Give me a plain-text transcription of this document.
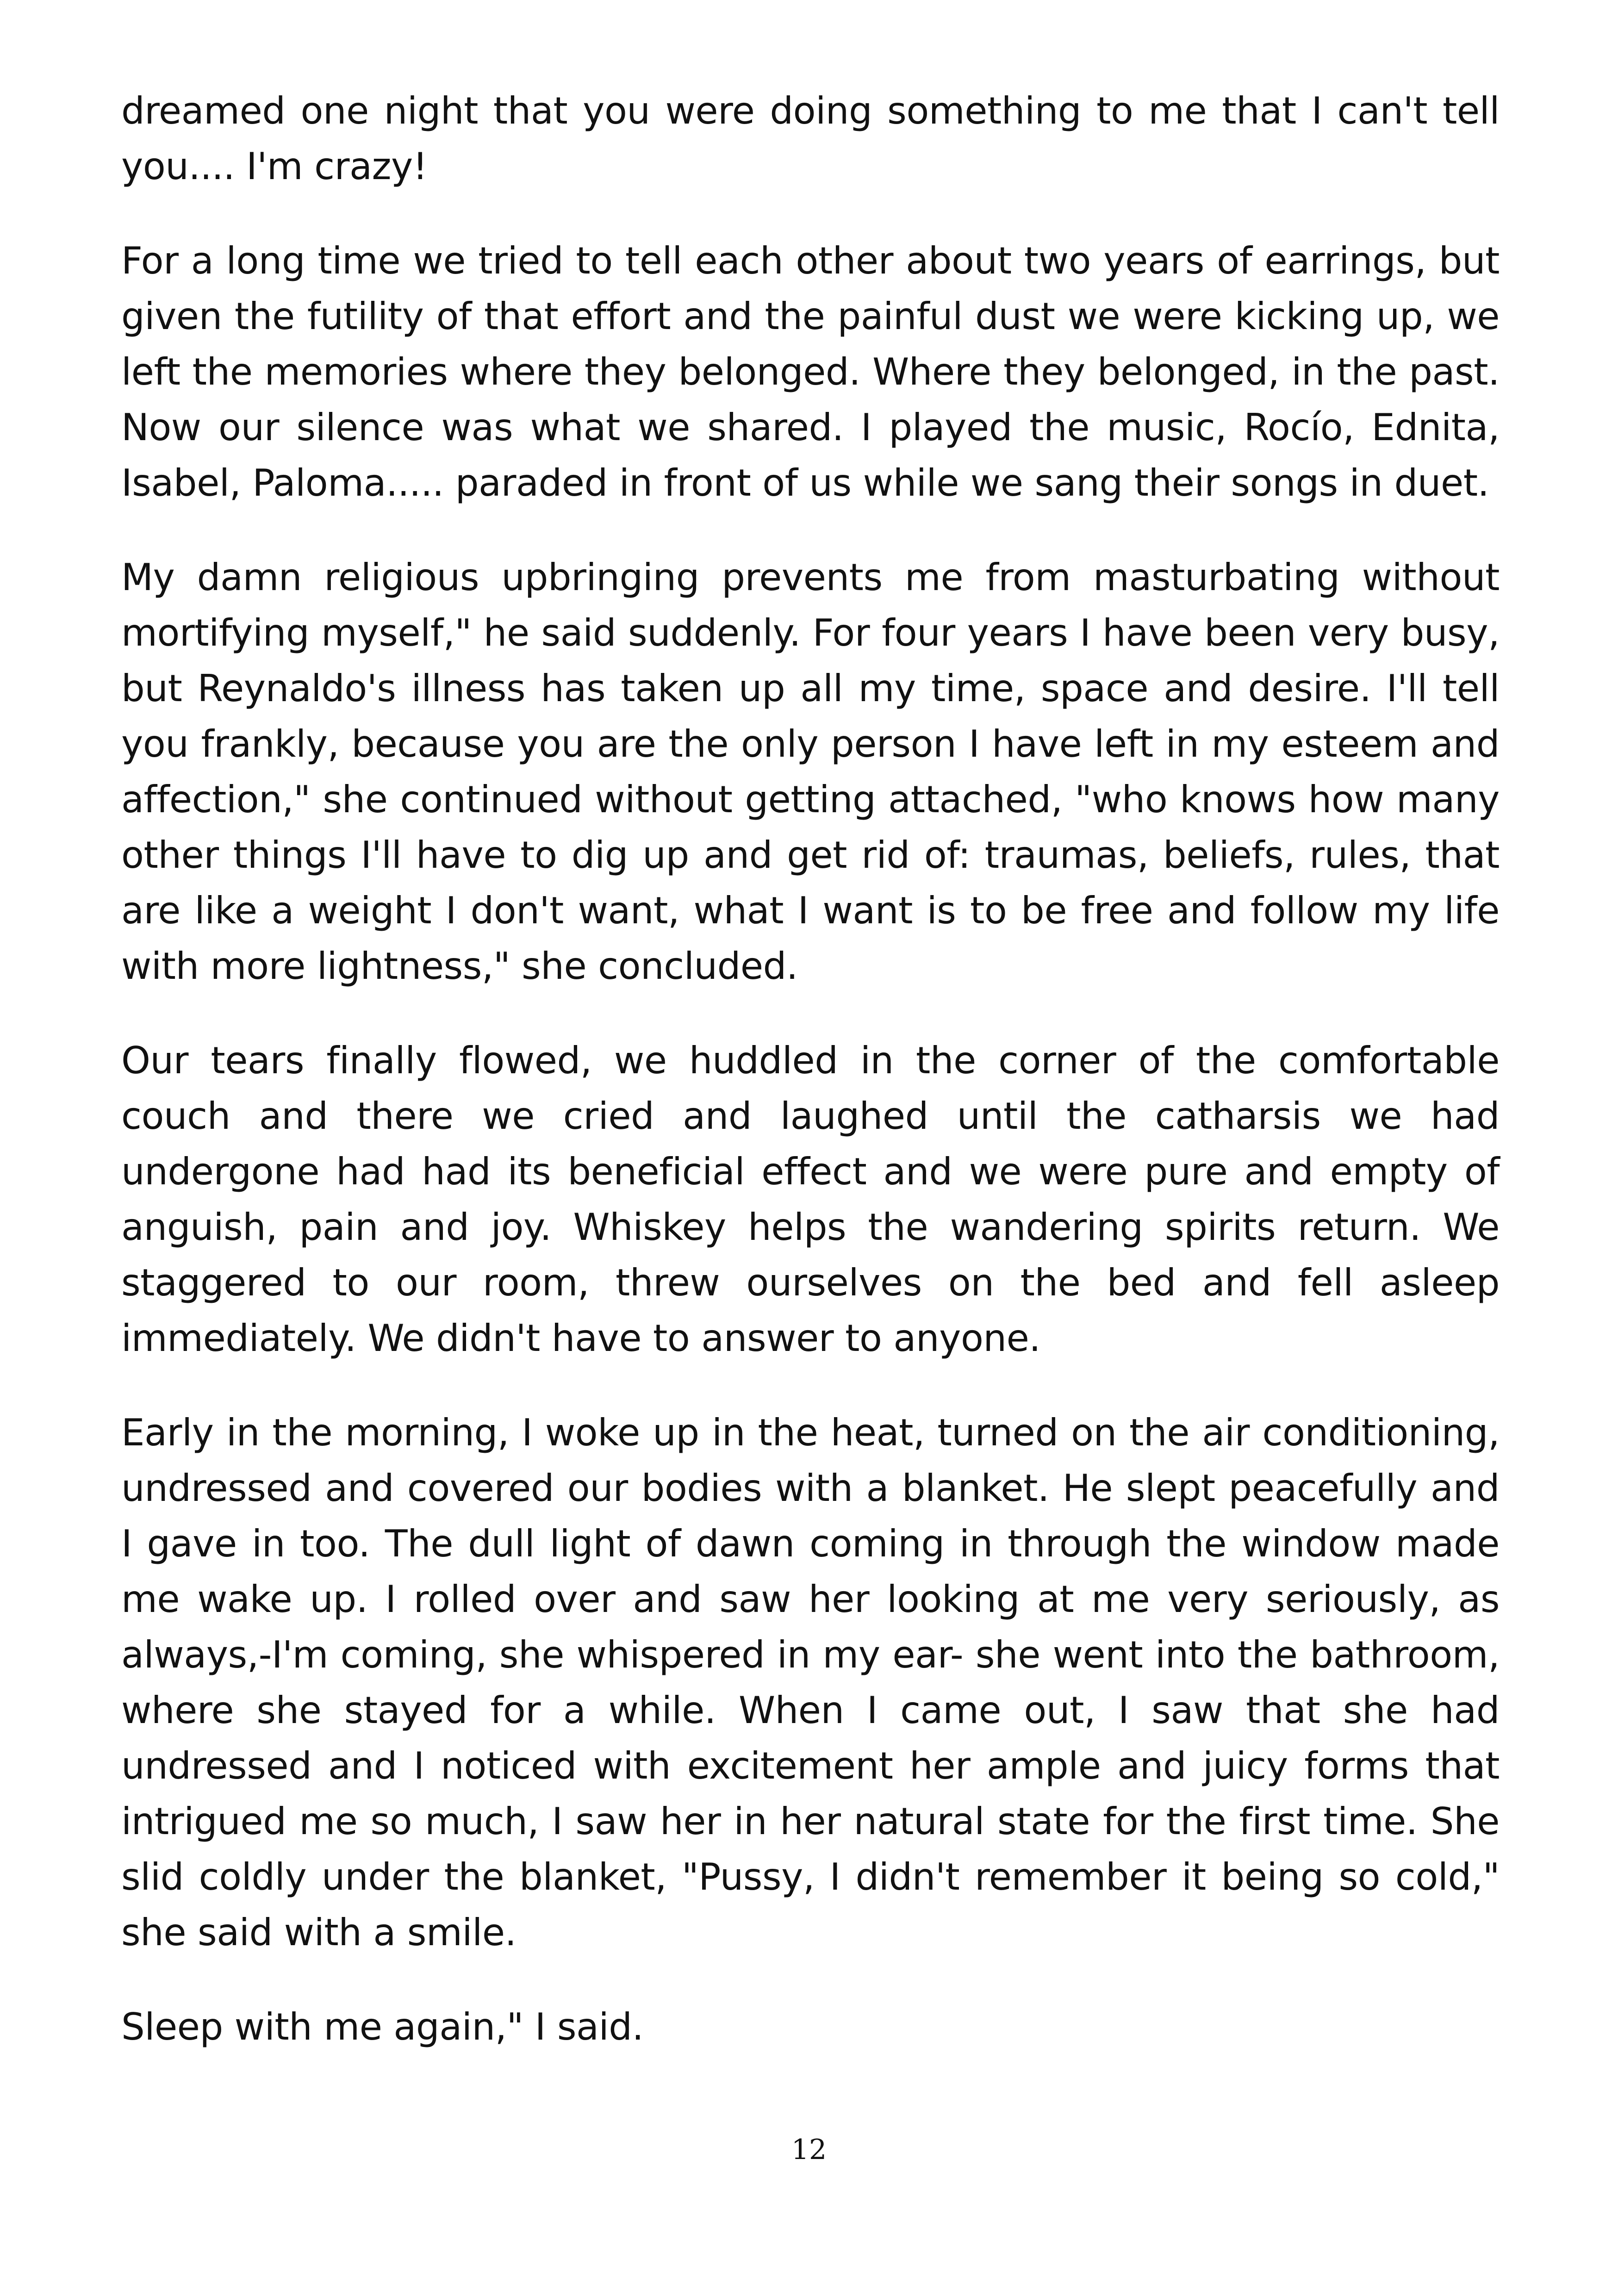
dreamed one night that you were doing something to me that I can't tell you.... I'm crazy!

For a long time we tried to tell each other about two years of earrings, but given the futility of that effort and the painful dust we were kicking up, we left the memories where they belonged. Where they belonged, in the past. Now our silence was what we shared. I played the music, Rocío, Ednita, Isabel, Paloma..... paraded in front of us while we sang their songs in duet.

My damn religious upbringing prevents me from masturbating without mortifying myself," he said suddenly. For four years I have been very busy, but Reynaldo's illness has taken up all my time, space and desire. I'll tell you frankly, because you are the only person I have left in my esteem and affection," she continued without getting attached, "who knows how many other things I'll have to dig up and get rid of: traumas, beliefs, rules, that are like a weight I don't want, what I want is to be free and follow my life with more lightness," she concluded.

Our tears finally flowed, we huddled in the corner of the comfortable couch and there we cried and laughed until the catharsis we had undergone had had its beneficial effect and we were pure and empty of anguish, pain and joy. Whiskey helps the wandering spirits return. We staggered to our room, threw ourselves on the bed and fell asleep immediately. We didn't have to answer to anyone.

Early in the morning, I woke up in the heat, turned on the air conditioning, undressed and covered our bodies with a blanket. He slept peacefully and I gave in too. The dull light of dawn coming in through the window made me wake up. I rolled over and saw her looking at me very seriously, as always,-I'm coming, she whispered in my ear- she went into the bathroom, where she stayed for a while. When I came out, I saw that she had undressed and I noticed with excitement her ample and juicy forms that intrigued me so much, I saw her in her natural state for the first time. She slid coldly under the blanket, "Pussy, I didn't remember it being so cold," she said with a smile.

Sleep with me again," I said.

12
